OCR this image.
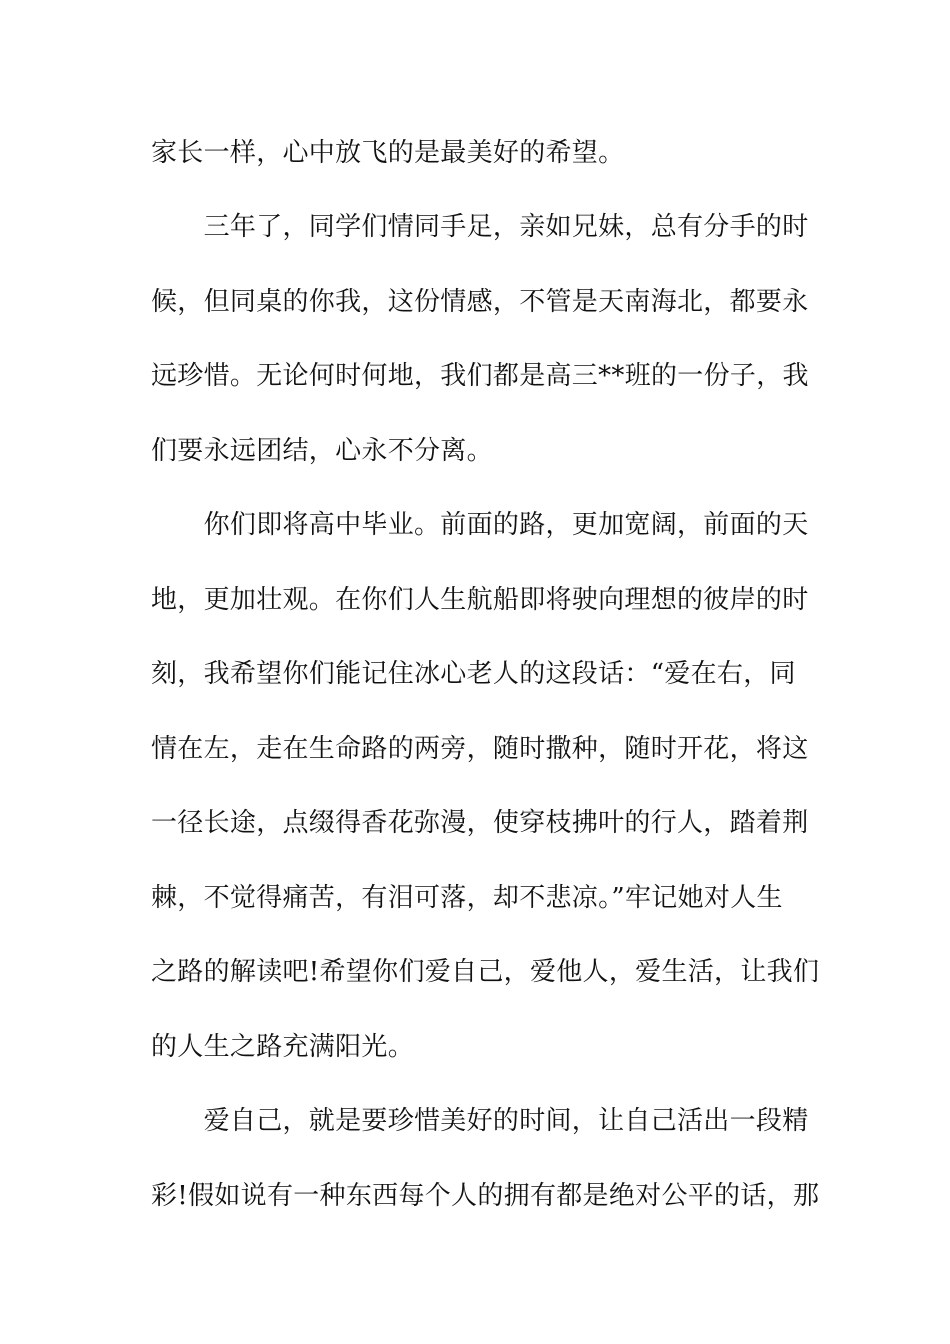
家长一样，心中放飞的是最美好的希望。
　　三年了，同学们情同手足，亲如兄妹，总有分手的时
候，但同桌的你我，这份情感，不管是天南海北，都要永
远珍惜。无论何时何地，我们都是高三**班的一份子，我
们要永远团结，心永不分离。
　　你们即将高中毕业。前面的路，更加宽阔，前面的天
地，更加壮观。在你们人生航船即将驶向理想的彼岸的时
刻，我希望你们能记住冰心老人的这段话：“爱在右，同
情在左，走在生命路的两旁，随时撒种，随时开花，将这
一径长途，点缀得香花弥漫，使穿枝拂叶的行人，踏着荆
棘，不觉得痛苦，有泪可落，却不悲凉。”牢记她对人生
之路的解读吧!希望你们爱自己，爱他人，爱生活，让我们
的人生之路充满阳光。
　　爱自己，就是要珍惜美好的时间，让自己活出一段精
彩!假如说有一种东西每个人的拥有都是绝对公平的话，那
